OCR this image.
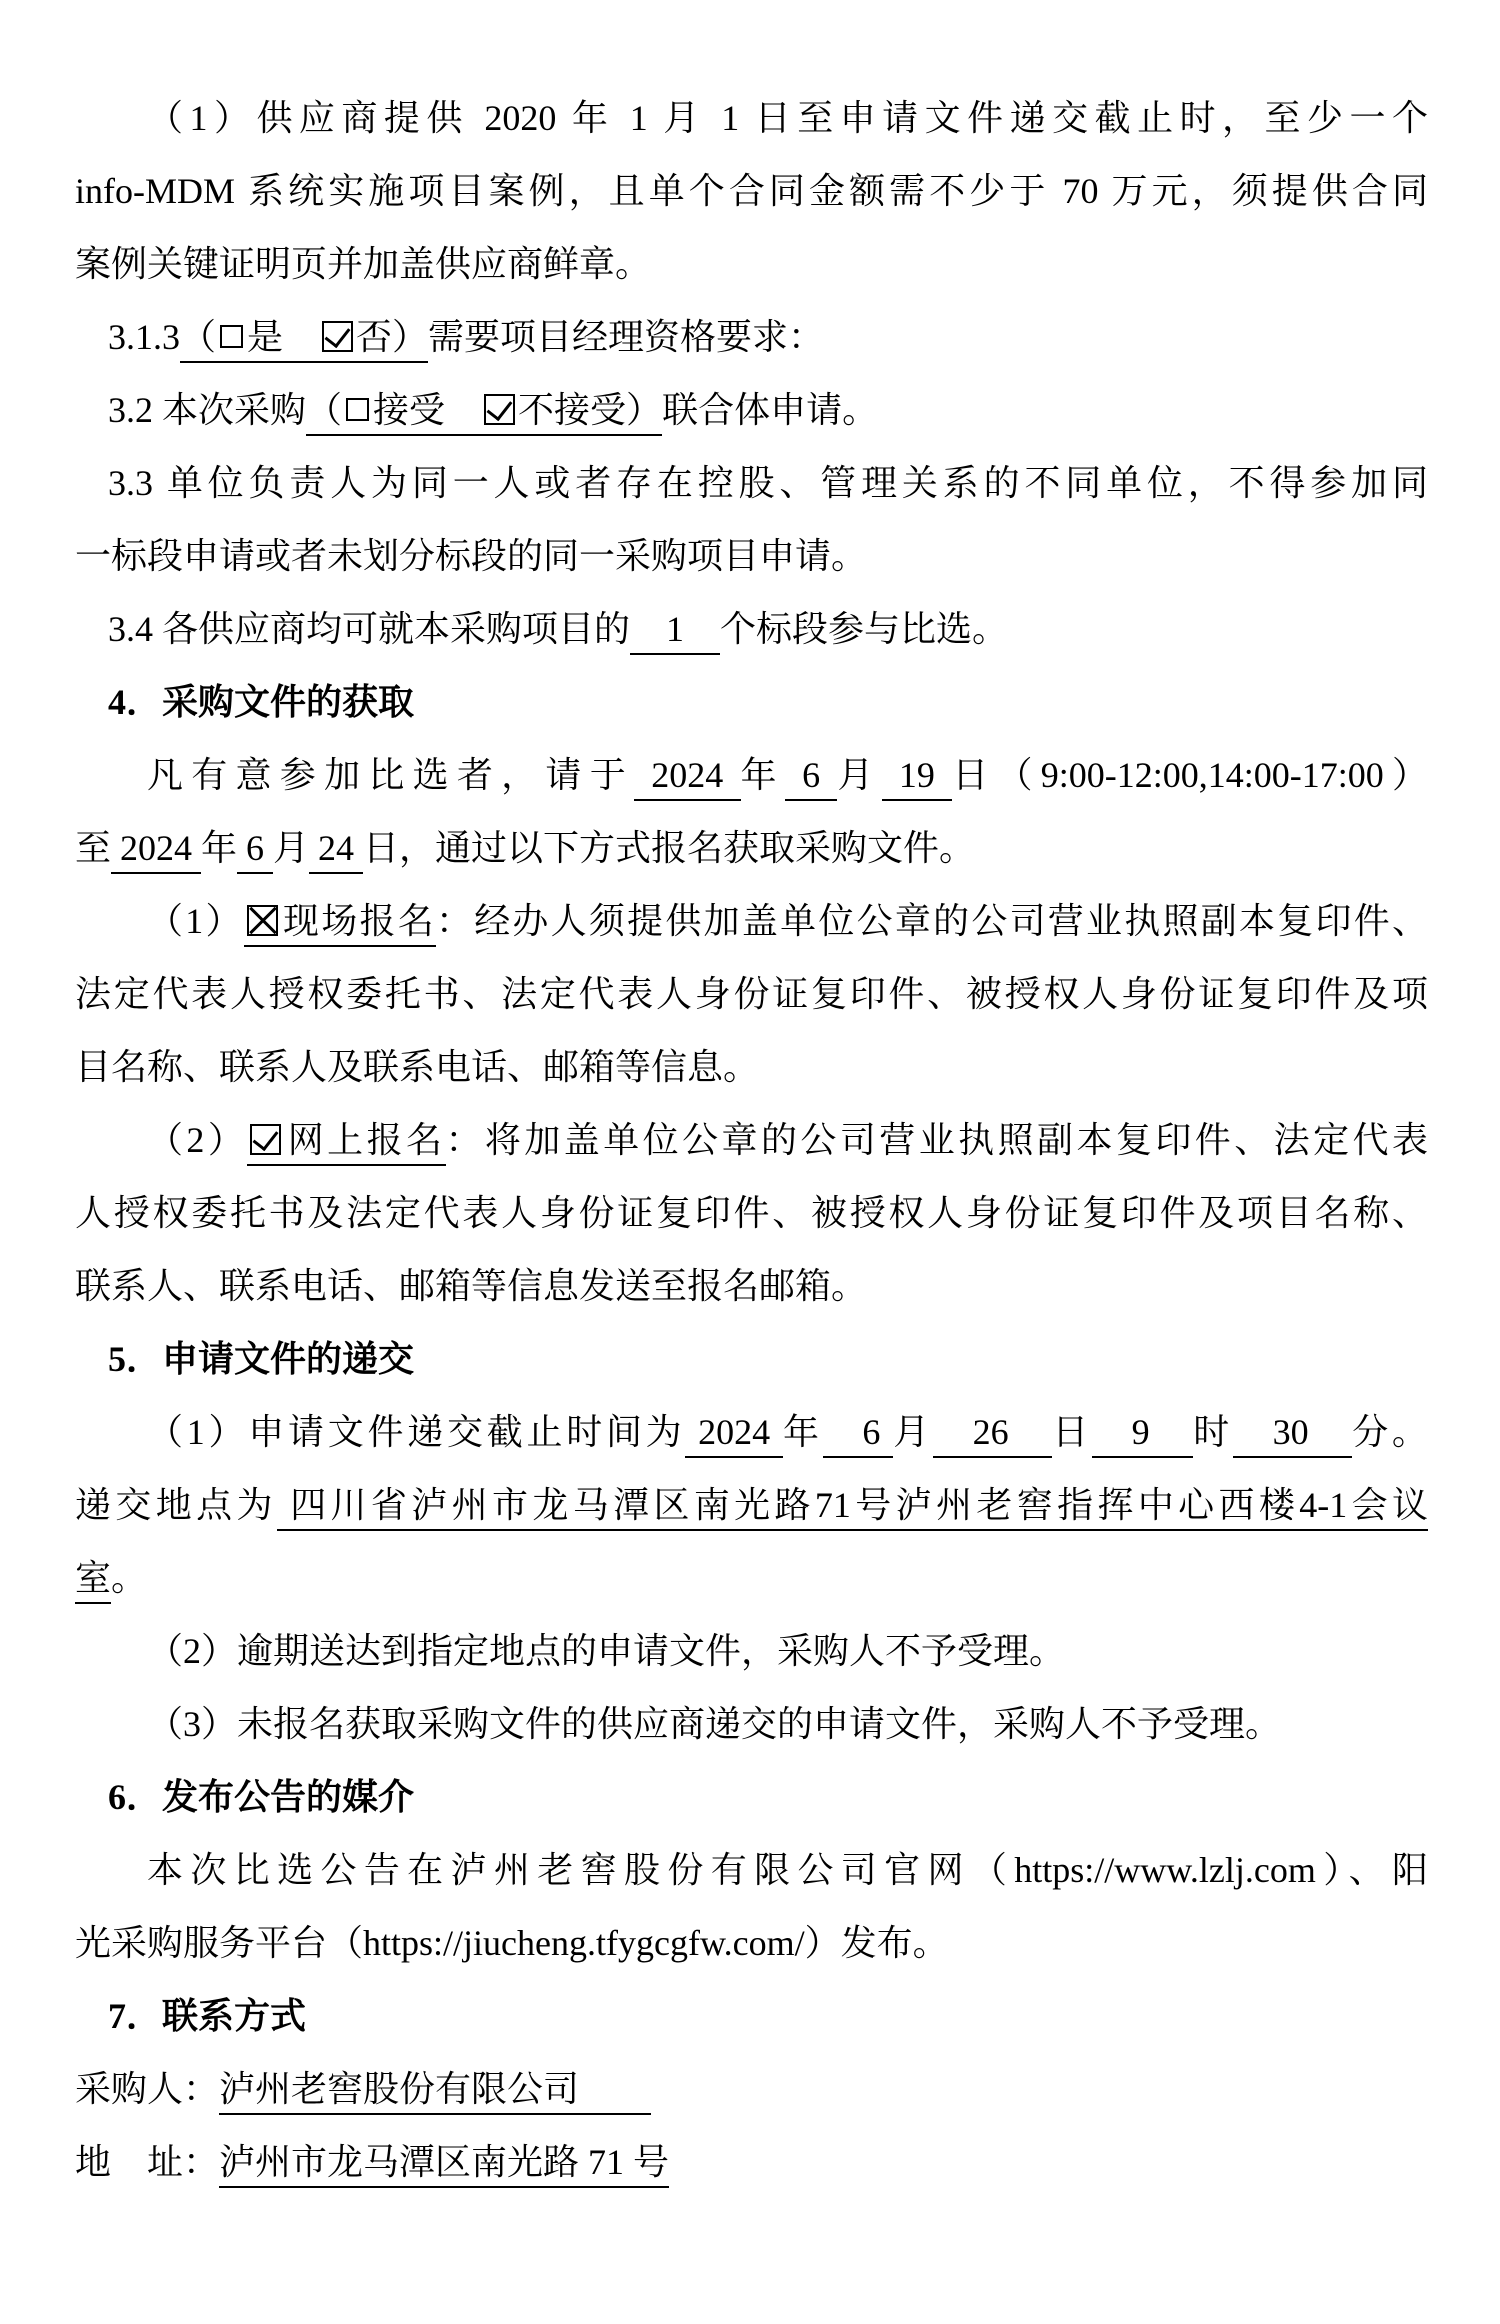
（1）供应商提供 2020 年 1 月 1 日至申请文件递交截止时，至少一个
info-MDM 系统实施项目案例，且单个合同金额需不少于 70 万元，须提供合同
案例关键证明页并加盖供应商鲜章。
3.1.3（ 是　否）需要项目经理资格要求：
3.2 本次采购（ 接受　不接受）联合体申请。
3.3 单位负责人为同一人或者存在控股、管理关系的不同单位，不得参加同
一标段申请或者未划分标段的同一采购项目申请。
3.4 各供应商均可就本采购项目的　1　个标段参与比选。
4．采购文件的获取
凡有意参加比选者，请于 2024 年 6 月 19 日（9:00-12:00,14:00-17:00）
至 2024 年 6 月 24 日，通过以下方式报名获取采购文件。
（1） 现场报名：经办人须提供加盖单位公章的公司营业执照副本复印件、
法定代表人授权委托书、法定代表人身份证复印件、被授权人身份证复印件及项
目名称、联系人及联系电话、邮箱等信息。
（2） 网上报名：将加盖单位公章的公司营业执照副本复印件、法定代表
人授权委托书及法定代表人身份证复印件、被授权人身份证复印件及项目名称、
联系人、联系电话、邮箱等信息发送至报名邮箱。
5．申请文件的递交
（1）申请文件递交截止时间为 2024 年　6 月　26　日　9　时　30　分。
递交地点为 四川省泸州市龙马潭区南光路71号泸州老窖指挥中心西楼4-1会议
室。
（2）逾期送达到指定地点的申请文件，采购人不予受理。
（3）未报名获取采购文件的供应商递交的申请文件，采购人不予受理。
6．发布公告的媒介
本次比选公告在泸州老窖股份有限公司官网（https://www.lzlj.com）、阳
光采购服务平台（https://jiucheng.tfygcgfw.com/）发布。
7．联系方式
采购人：泸州老窖股份有限公司　　
地　址：泸州市龙马潭区南光路 71 号
